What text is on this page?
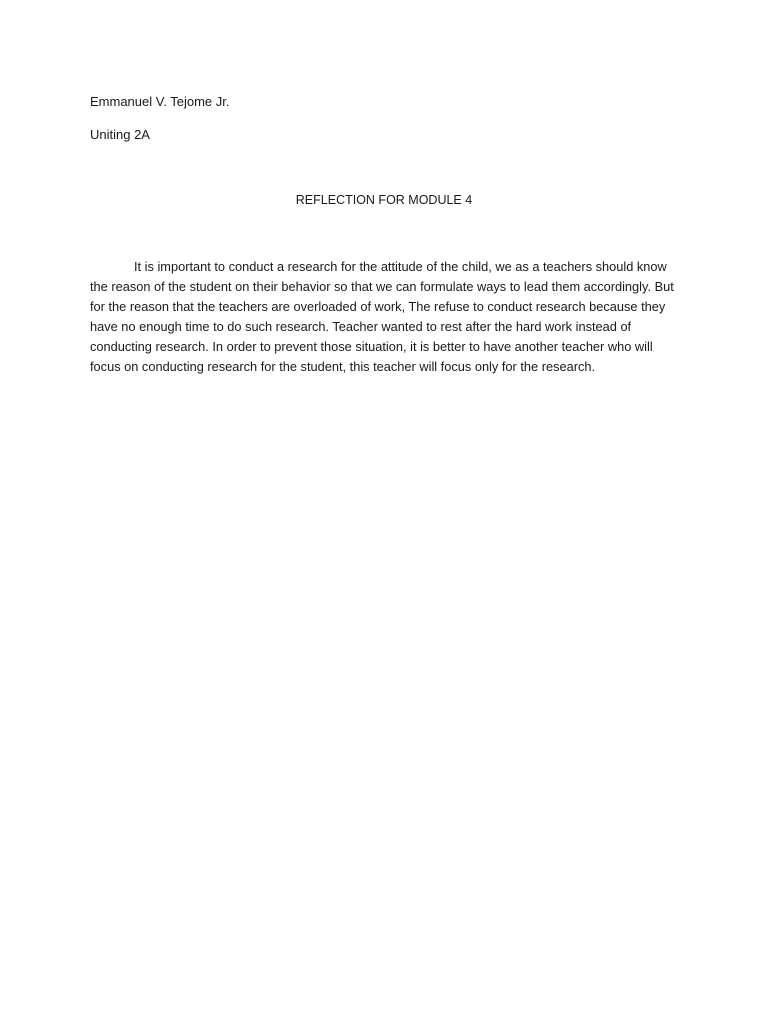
Emmanuel V. Tejome Jr.
Uniting 2A
REFLECTION FOR MODULE 4
It is important to conduct a research for the attitude of the child, we as a teachers should know
the reason of the student on their behavior so that we can formulate ways to lead them accordingly. But
for the reason that the teachers are overloaded of work, The refuse to conduct research because they
have no enough time to do such research. Teacher wanted to rest after the hard work instead of
conducting research. In order to prevent those situation, it is better to have another teacher who will
focus on conducting research for the student, this teacher will focus only for the research.
